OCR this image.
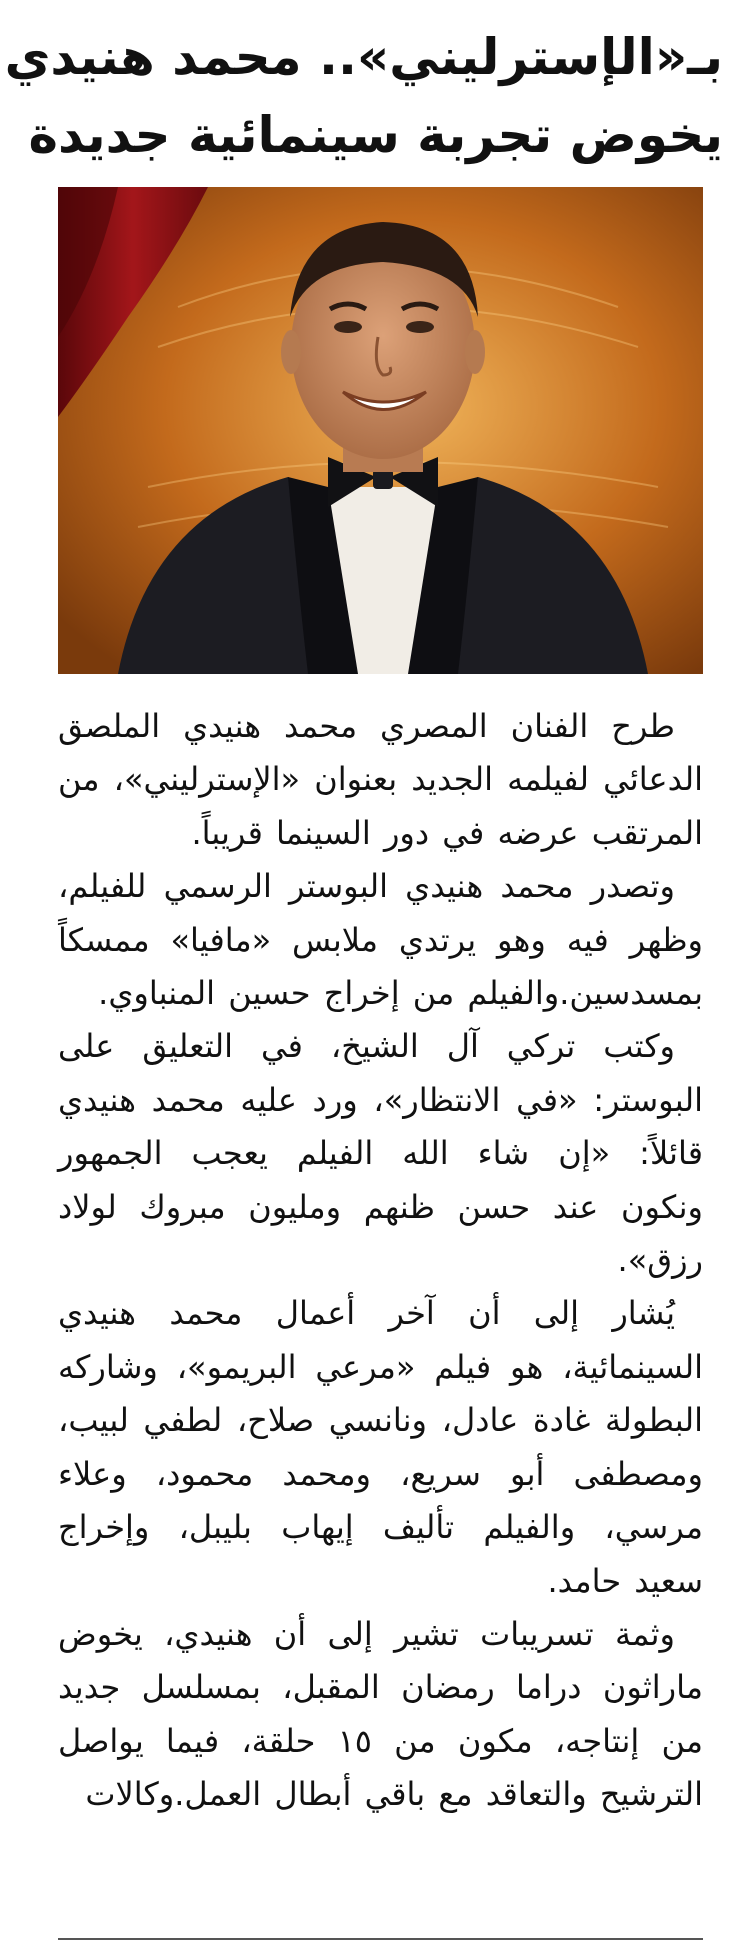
بـ«الإسترليني».. محمد هنيدي
يخوض تجربة سينمائية جديدة

طرح الفنان المصري محمد هنيدي الملصق الدعائي لفيلمه الجديد بعنوان «الإسترليني»، من المرتقب عرضه في دور السينما قريباً.

وتصدر محمد هنيدي البوستر الرسمي للفيلم، وظهر فيه وهو يرتدي ملابس «مافيا» ممسكاً بمسدسين.والفيلم من إخراج حسين المنباوي.

وكتب تركي آل الشيخ، في التعليق على البوستر: «في الانتظار»، ورد عليه محمد هنيدي قائلاً: «إن شاء الله الفيلم يعجب الجمهور ونكون عند حسن ظنهم ومليون مبروك لولاد رزق».

يُشار إلى أن آخر أعمال محمد هنيدي السينمائية، هو فيلم «مرعي البريمو»، وشاركه البطولة غادة عادل، ونانسي صلاح، لطفي لبيب، ومصطفى أبو سريع، ومحمد محمود، وعلاء مرسي، والفيلم تأليف إيهاب بليبل، وإخراج سعيد حامد.

وثمة تسريبات تشير إلى أن هنيدي، يخوض ماراثون دراما رمضان المقبل، بمسلسل جديد من إنتاجه، مكون من ١٥ حلقة، فيما يواصل الترشيح والتعاقد مع باقي أبطال العمل.وكالات
